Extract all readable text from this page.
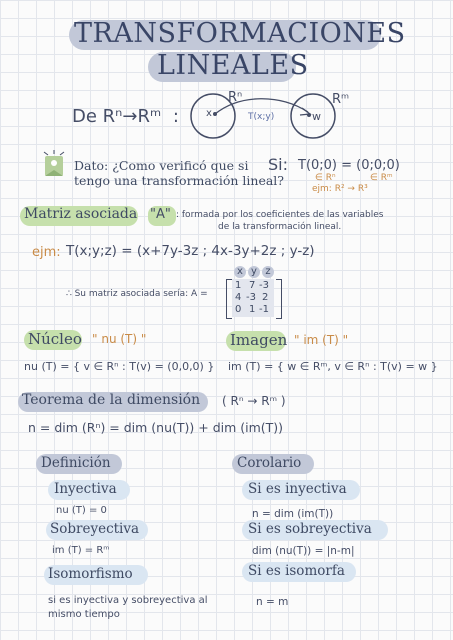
TRANSFORMACIONES
LINEALES
De Rⁿ→Rᵐ :	x	w
T(x;y)
Rⁿ	Rᵐ
Dato: ¿Como verificó que si
tengo una transformación lineal?
Si: T(0;0) = (0;0;0)
∈ Rⁿ	∈ Rᵐ
ejm: R² → R³
Matriz asociada "A" : formada por los coeficientes de las variables
de la transformación lineal.
ejm: T(x;y;z) = (x+7y-3z ; 4x-3y+2z ; y-z)
∴ Su matriz asociada sería: A =
x y z
1 7 -3
4 -3 2
0 1 -1
Núcleo " nu (T) "
nu (T) = { v ∈ Rⁿ : T(v) = (0,0,0) }
Imagen " im (T) "
im (T) = { w ∈ Rᵐ, v ∈ Rⁿ : T(v) = w }
Teorema de la dimensión ( Rⁿ → Rᵐ )
n = dim (Rⁿ) = dim (nu(T)) + dim (im(T))
Definición
Inyectiva
nu (T) = 0
Sobreyectiva
im (T) = Rᵐ
Isomorfismo
si es inyectiva y sobreyectiva al mismo tiempo
Corolario
Si es inyectiva
n = dim (im(T))
Si es sobreyectiva
dim (nu(T)) = |n-m|
Si es isomorfa
n = m
